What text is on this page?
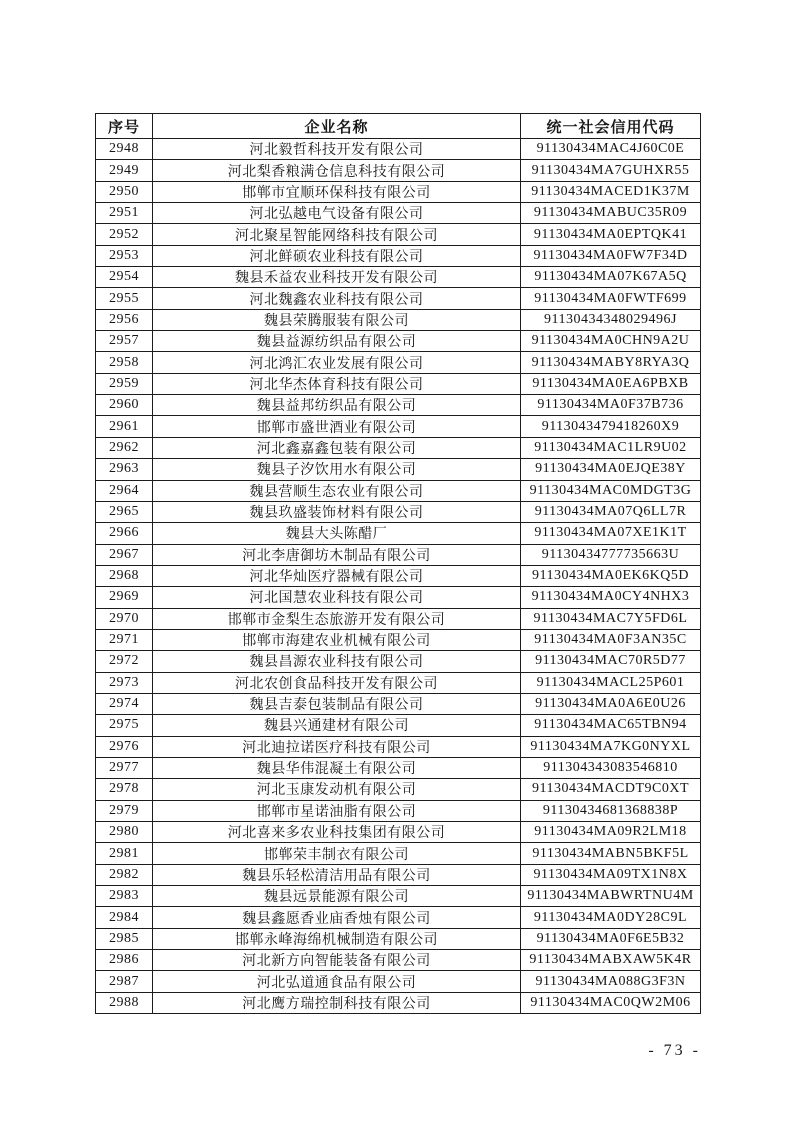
序号	企业名称	统一社会信用代码
2948	河北毅哲科技开发有限公司	91130434MAC4J60C0E
2949	河北梨香粮满仓信息科技有限公司	91130434MA7GUHXR55
2950	邯郸市宜顺环保科技有限公司	91130434MACED1K37M
2951	河北弘越电气设备有限公司	91130434MABUC35R09
2952	河北聚星智能网络科技有限公司	91130434MA0EPTQK41
2953	河北鲜硕农业科技有限公司	91130434MA0FW7F34D
2954	魏县禾益农业科技开发有限公司	91130434MA07K67A5Q
2955	河北魏鑫农业科技有限公司	91130434MA0FWTF699
2956	魏县荣腾服装有限公司	91130434348029496J
2957	魏县益源纺织品有限公司	91130434MA0CHN9A2U
2958	河北鸿汇农业发展有限公司	91130434MABY8RYA3Q
2959	河北华杰体育科技有限公司	91130434MA0EA6PBXB
2960	魏县益邦纺织品有限公司	91130434MA0F37B736
2961	邯郸市盛世酒业有限公司	9113043479418260X9
2962	河北鑫嘉鑫包装有限公司	91130434MAC1LR9U02
2963	魏县子汐饮用水有限公司	91130434MA0EJQE38Y
2964	魏县营顺生态农业有限公司	91130434MAC0MDGT3G
2965	魏县玖盛装饰材料有限公司	91130434MA07Q6LL7R
2966	魏县大头陈醋厂	91130434MA07XE1K1T
2967	河北李唐御坊木制品有限公司	91130434777735663U
2968	河北华灿医疗器械有限公司	91130434MA0EK6KQ5D
2969	河北国慧农业科技有限公司	91130434MA0CY4NHX3
2970	邯郸市金梨生态旅游开发有限公司	91130434MAC7Y5FD6L
2971	邯郸市海建农业机械有限公司	91130434MA0F3AN35C
2972	魏县昌源农业科技有限公司	91130434MAC70R5D77
2973	河北农创食品科技开发有限公司	91130434MACL25P601
2974	魏县吉泰包装制品有限公司	91130434MA0A6E0U26
2975	魏县兴通建材有限公司	91130434MAC65TBN94
2976	河北迪拉诺医疗科技有限公司	91130434MA7KG0NYXL
2977	魏县华伟混凝土有限公司	911304343083546810
2978	河北玉康发动机有限公司	91130434MACDT9C0XT
2979	邯郸市星诺油脂有限公司	91130434681368838P
2980	河北喜来多农业科技集团有限公司	91130434MA09R2LM18
2981	邯郸荣丰制衣有限公司	91130434MABN5BKF5L
2982	魏县乐轻松清洁用品有限公司	91130434MA09TX1N8X
2983	魏县远景能源有限公司	91130434MABWRTNU4M
2984	魏县鑫愿香业庙香烛有限公司	91130434MA0DY28C9L
2985	邯郸永峰海绵机械制造有限公司	91130434MA0F6E5B32
2986	河北新方向智能装备有限公司	91130434MABXAW5K4R
2987	河北弘道通食品有限公司	91130434MA088G3F3N
2988	河北鹰方瑞控制科技有限公司	91130434MAC0QW2M06
- 73 -
